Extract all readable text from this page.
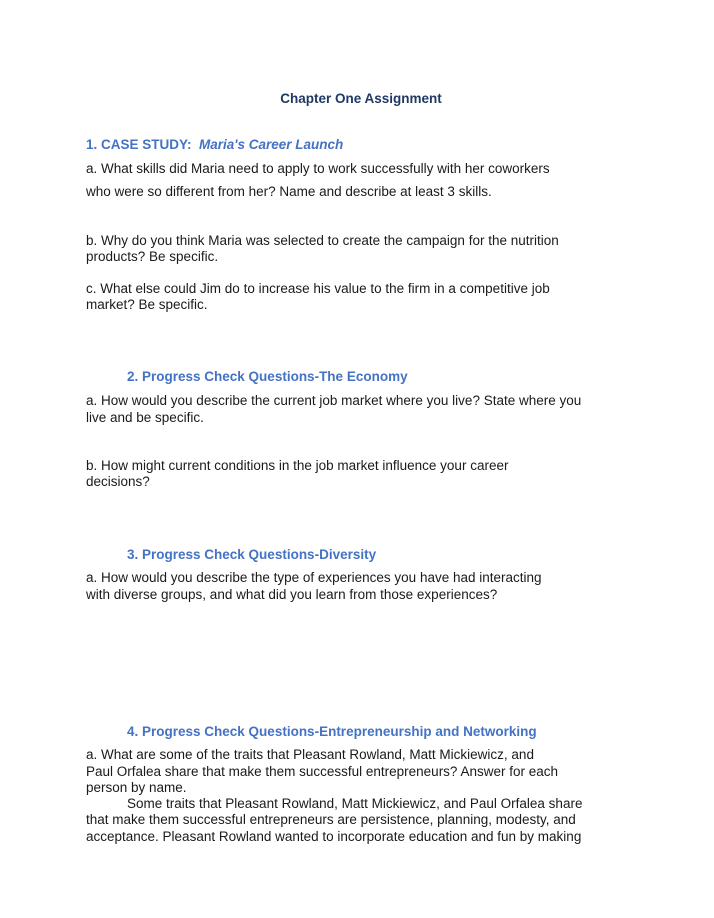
Chapter One Assignment
1. CASE STUDY: Maria's Career Launch
a. What skills did Maria need to apply to work successfully with her coworkers
who were so different from her? Name and describe at least 3 skills.
b. Why do you think Maria was selected to create the campaign for the nutrition
products? Be specific.
c. What else could Jim do to increase his value to the firm in a competitive job
market? Be specific.
2. Progress Check Questions-The Economy
a. How would you describe the current job market where you live? State where you
live and be specific.
b. How might current conditions in the job market influence your career
decisions?
3. Progress Check Questions-Diversity
a. How would you describe the type of experiences you have had interacting
with diverse groups, and what did you learn from those experiences?
4. Progress Check Questions-Entrepreneurship and Networking
a. What are some of the traits that Pleasant Rowland, Matt Mickiewicz, and
Paul Orfalea share that make them successful entrepreneurs? Answer for each
person by name.
Some traits that Pleasant Rowland, Matt Mickiewicz, and Paul Orfalea share
that make them successful entrepreneurs are persistence, planning, modesty, and
acceptance. Pleasant Rowland wanted to incorporate education and fun by making
